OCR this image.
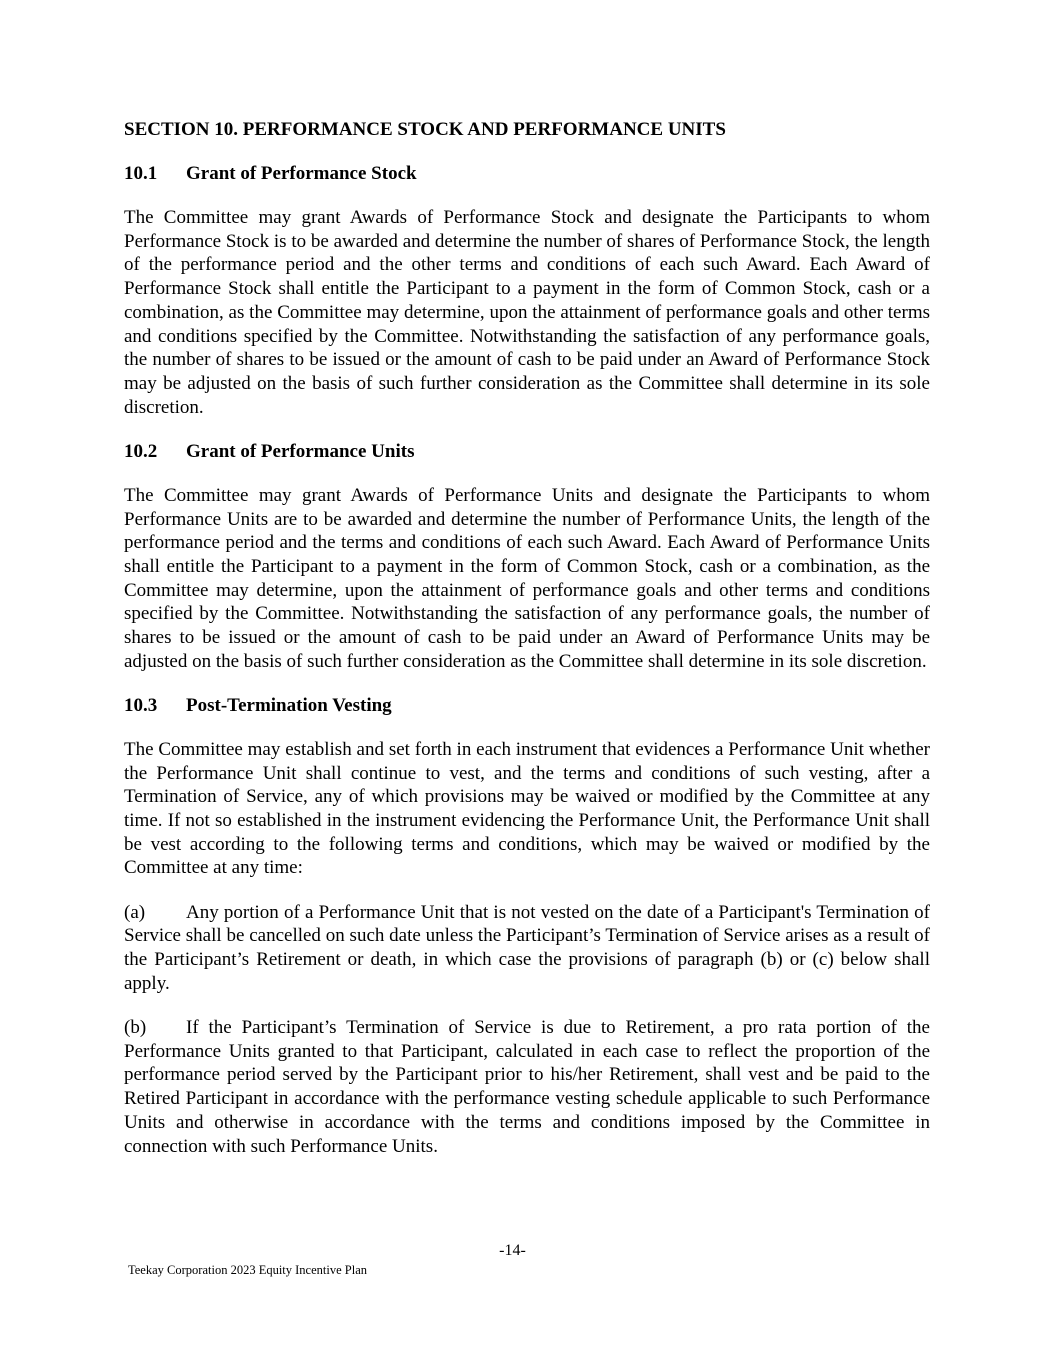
SECTION 10. PERFORMANCE STOCK AND PERFORMANCE UNITS
10.1	Grant of Performance Stock

The Committee may grant Awards of Performance Stock and designate the Participants to whom Performance Stock is to be awarded and determine the number of shares of Performance Stock, the length of the performance period and the other terms and conditions of each such Award. Each Award of Performance Stock shall entitle the Participant to a payment in the form of Common Stock, cash or a combination, as the Committee may determine, upon the attainment of performance goals and other terms and conditions specified by the Committee. Notwithstanding the satisfaction of any performance goals, the number of shares to be issued or the amount of cash to be paid under an Award of Performance Stock may be adjusted on the basis of such further consideration as the Committee shall determine in its sole discretion.

10.2	Grant of Performance Units

The Committee may grant Awards of Performance Units and designate the Participants to whom Performance Units are to be awarded and determine the number of Performance Units, the length of the performance period and the terms and conditions of each such Award. Each Award of Performance Units shall entitle the Participant to a payment in the form of Common Stock, cash or a combination, as the Committee may determine, upon the attainment of performance goals and other terms and conditions specified by the Committee. Notwithstanding the satisfaction of any performance goals, the number of shares to be issued or the amount of cash to be paid under an Award of Performance Units may be adjusted on the basis of such further consideration as the Committee shall determine in its sole discretion.

10.3	Post-Termination Vesting

The Committee may establish and set forth in each instrument that evidences a Performance Unit whether the Performance Unit shall continue to vest, and the terms and conditions of such vesting, after a Termination of Service, any of which provisions may be waived or modified by the Committee at any time. If not so established in the instrument evidencing the Performance Unit, the Performance Unit shall be vest according to the following terms and conditions, which may be waived or modified by the Committee at any time:

(a) Any portion of a Performance Unit that is not vested on the date of a Participant's Termination of Service shall be cancelled on such date unless the Participant’s Termination of Service arises as a result of the Participant’s Retirement or death, in which case the provisions of paragraph (b) or (c) below shall apply.

(b) If the Participant’s Termination of Service is due to Retirement, a pro rata portion of the Performance Units granted to that Participant, calculated in each case to reflect the proportion of the performance period served by the Participant prior to his/her Retirement, shall vest and be paid to the Retired Participant in accordance with the performance vesting schedule applicable to such Performance Units and otherwise in accordance with the terms and conditions imposed by the Committee in connection with such Performance Units.

-14-
Teekay Corporation 2023 Equity Incentive Plan
